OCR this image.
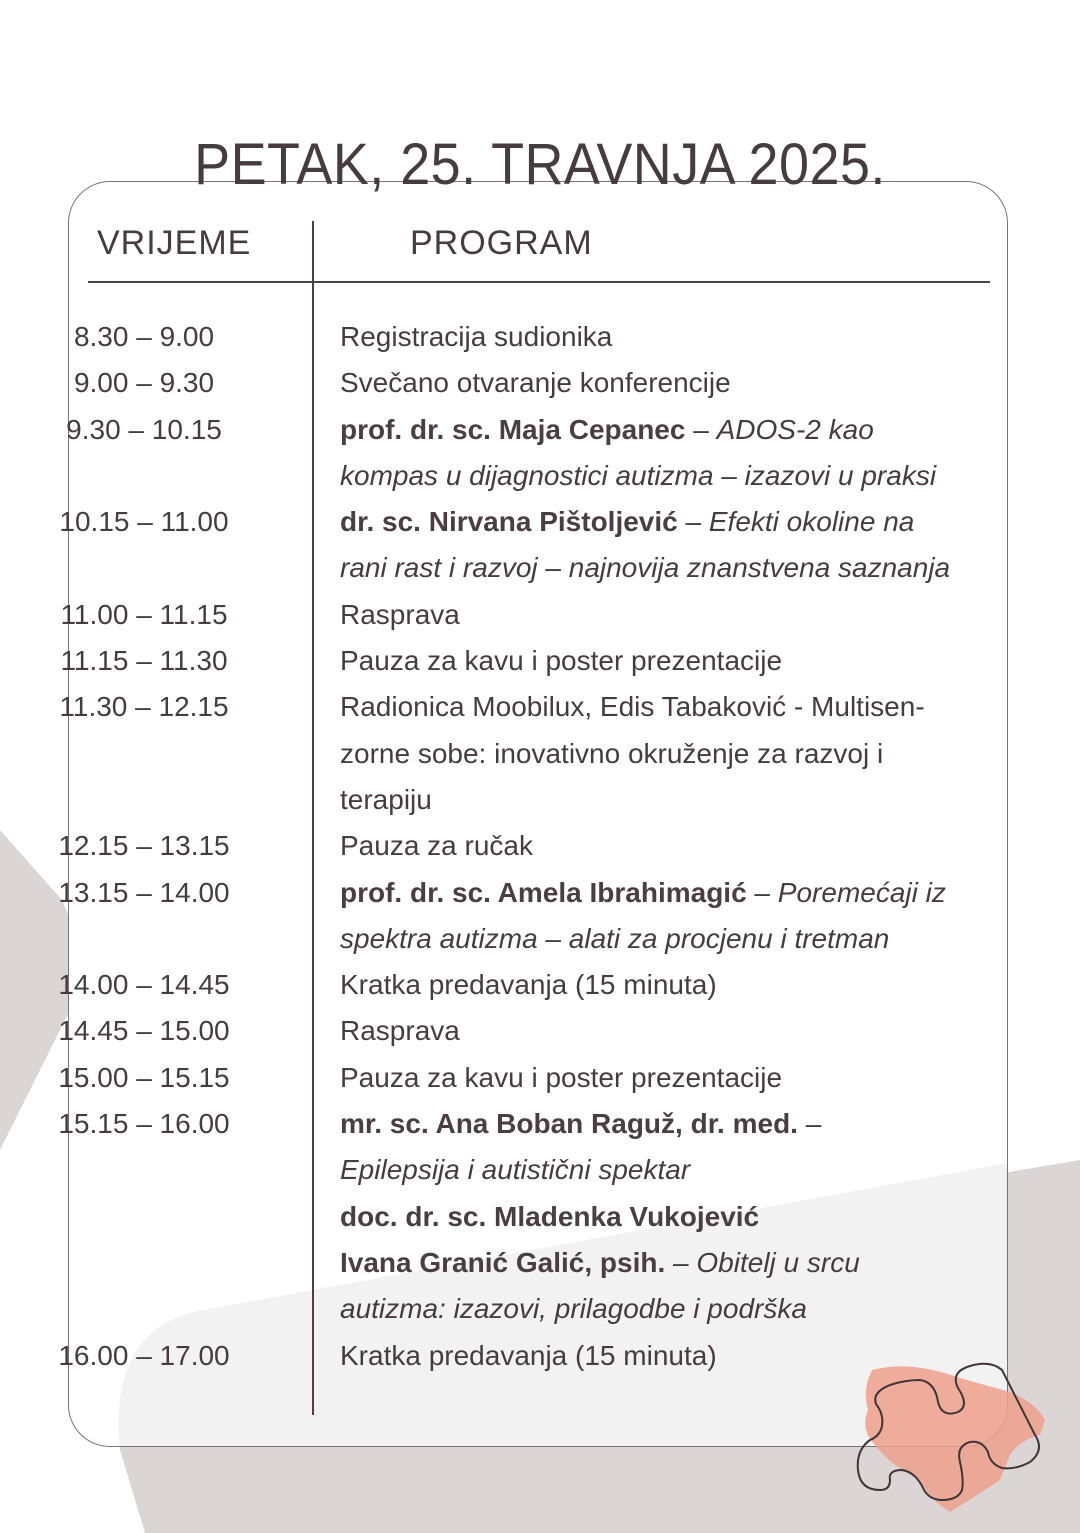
PETAK, 25. TRAVNJA 2025.
VRIJEME	PROGRAM
8.30 – 9.00	Registracija sudionika
9.00 – 9.30	Svečano otvaranje konferencije
9.30 – 10.15	prof. dr. sc. Maja Cepanec – ADOS-2 kao
kompas u dijagnostici autizma – izazovi u praksi
10.15 – 11.00	dr. sc. Nirvana Pištoljević – Efekti okoline na
rani rast i razvoj – najnovija znanstvena saznanja
11.00 – 11.15	Rasprava
11.15 – 11.30	Pauza za kavu i poster prezentacije
11.30 – 12.15	Radionica Moobilux, Edis Tabaković - Multisen-
zorne sobe: inovativno okruženje za razvoj i
terapiju
12.15 – 13.15	Pauza za ručak
13.15 – 14.00	prof. dr. sc. Amela Ibrahimagić – Poremećaji iz
spektra autizma – alati za procjenu i tretman
14.00 – 14.45	Kratka predavanja (15 minuta)
14.45 – 15.00	Rasprava
15.00 – 15.15	Pauza za kavu i poster prezentacije
15.15 – 16.00	mr. sc. Ana Boban Raguž, dr. med. –
Epilepsija i autistični spektar
doc. dr. sc. Mladenka Vukojević
Ivana Granić Galić, psih. – Obitelj u srcu
autizma: izazovi, prilagodbe i podrška
16.00 – 17.00	Kratka predavanja (15 minuta)
